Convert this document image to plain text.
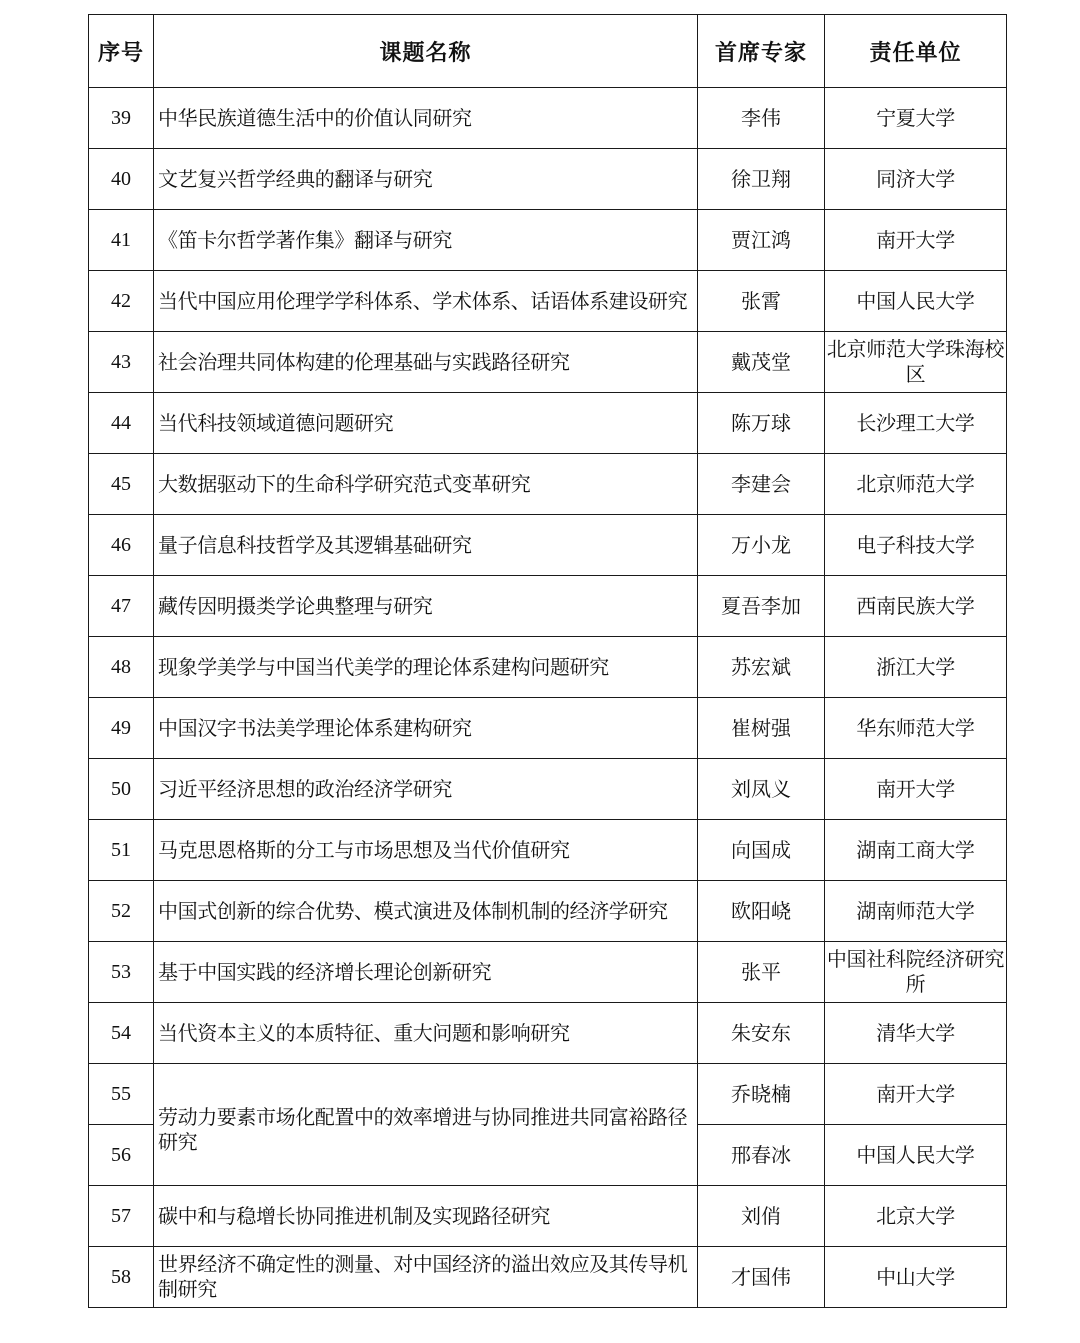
序号	课题名称	首席专家	责任单位
39	中华民族道德生活中的价值认同研究	李伟	宁夏大学
40	文艺复兴哲学经典的翻译与研究	徐卫翔	同济大学
41	《笛卡尔哲学著作集》翻译与研究	贾江鸿	南开大学
42	当代中国应用伦理学学科体系、学术体系、话语体系建设研究	张霄	中国人民大学
43	社会治理共同体构建的伦理基础与实践路径研究	戴茂堂	北京师范大学珠海校区
44	当代科技领域道德问题研究	陈万球	长沙理工大学
45	大数据驱动下的生命科学研究范式变革研究	李建会	北京师范大学
46	量子信息科技哲学及其逻辑基础研究	万小龙	电子科技大学
47	藏传因明摄类学论典整理与研究	夏吾李加	西南民族大学
48	现象学美学与中国当代美学的理论体系建构问题研究	苏宏斌	浙江大学
49	中国汉字书法美学理论体系建构研究	崔树强	华东师范大学
50	习近平经济思想的政治经济学研究	刘凤义	南开大学
51	马克思恩格斯的分工与市场思想及当代价值研究	向国成	湖南工商大学
52	中国式创新的综合优势、模式演进及体制机制的经济学研究	欧阳峣	湖南师范大学
53	基于中国实践的经济增长理论创新研究	张平	中国社科院经济研究所
54	当代资本主义的本质特征、重大问题和影响研究	朱安东	清华大学
55	劳动力要素市场化配置中的效率增进与协同推进共同富裕路径研究	乔晓楠	南开大学
56		邢春冰	中国人民大学
57	碳中和与稳增长协同推进机制及实现路径研究	刘俏	北京大学
58	世界经济不确定性的测量、对中国经济的溢出效应及其传导机制研究	才国伟	中山大学
